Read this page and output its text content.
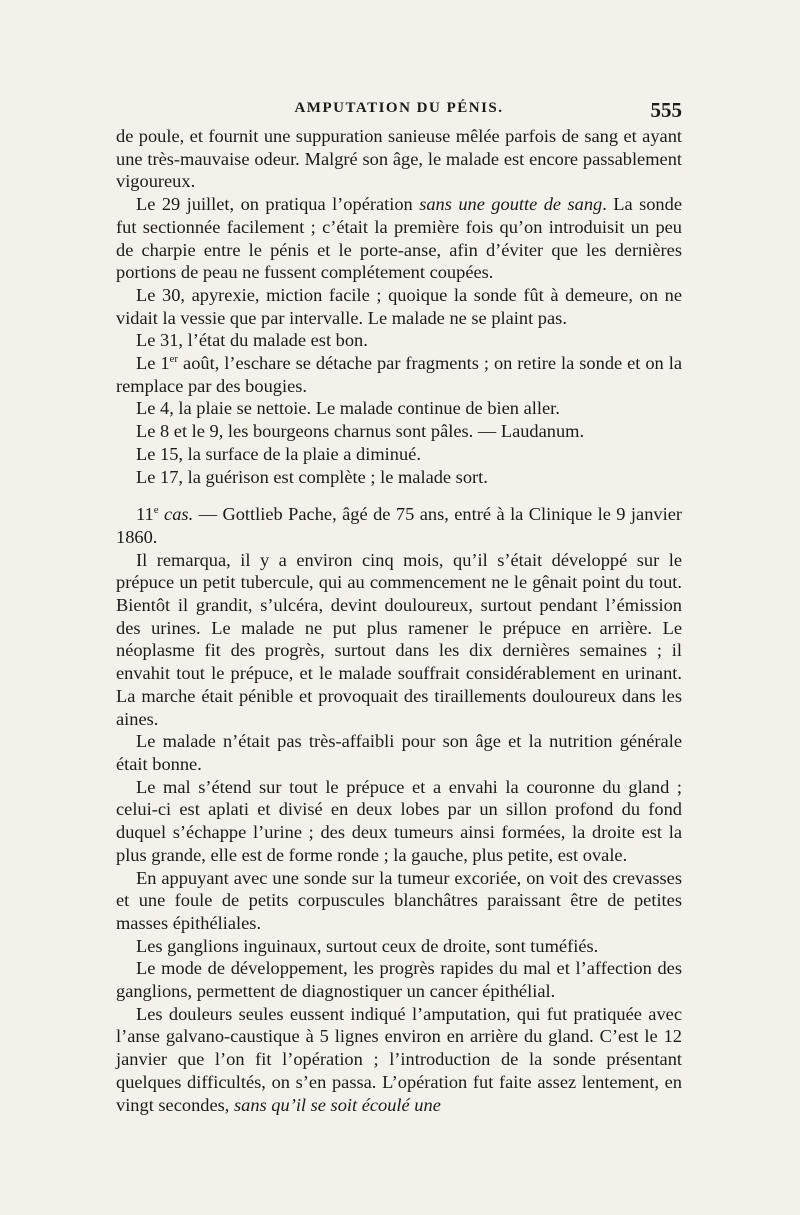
AMPUTATION DU PÉNIS.	555

de poule, et fournit une suppuration sanieuse mêlée parfois de sang et ayant une très-mauvaise odeur. Malgré son âge, le malade est encore passablement vigoureux.

Le 29 juillet, on pratiqua l’opération sans une goutte de sang. La sonde fut sectionnée facilement ; c’était la première fois qu’on introduisit un peu de charpie entre le pénis et le porte-anse, afin d’éviter que les dernières portions de peau ne fussent complétement coupées.

Le 30, apyrexie, miction facile ; quoique la sonde fût à demeure, on ne vidait la vessie que par intervalle. Le malade ne se plaint pas.

Le 31, l’état du malade est bon.

Le 1er août, l’eschare se détache par fragments ; on retire la sonde et on la remplace par des bougies.

Le 4, la plaie se nettoie. Le malade continue de bien aller.

Le 8 et le 9, les bourgeons charnus sont pâles. — Laudanum.

Le 15, la surface de la plaie a diminué.

Le 17, la guérison est complète ; le malade sort.

11e cas. — Gottlieb Pache, âgé de 75 ans, entré à la Clinique le 9 janvier 1860.

Il remarqua, il y a environ cinq mois, qu’il s’était développé sur le prépuce un petit tubercule, qui au commencement ne le gênait point du tout. Bientôt il grandit, s’ulcéra, devint douloureux, surtout pendant l’émission des urines. Le malade ne put plus ramener le prépuce en arrière. Le néoplasme fit des progrès, surtout dans les dix dernières semaines ; il envahit tout le prépuce, et le malade souffrait considérablement en urinant. La marche était pénible et provoquait des tiraillements douloureux dans les aines.

Le malade n’était pas très-affaibli pour son âge et la nutrition générale était bonne.

Le mal s’étend sur tout le prépuce et a envahi la couronne du gland ; celui-ci est aplati et divisé en deux lobes par un sillon profond du fond duquel s’échappe l’urine ; des deux tumeurs ainsi formées, la droite est la plus grande, elle est de forme ronde ; la gauche, plus petite, est ovale.

En appuyant avec une sonde sur la tumeur excoriée, on voit des crevasses et une foule de petits corpuscules blanchâtres paraissant être de petites masses épithéliales.

Les ganglions inguinaux, surtout ceux de droite, sont tuméfiés.

Le mode de développement, les progrès rapides du mal et l’affection des ganglions, permettent de diagnostiquer un cancer épithélial.

Les douleurs seules eussent indiqué l’amputation, qui fut pratiquée avec l’anse galvano-caustique à 5 lignes environ en arrière du gland. C’est le 12 janvier que l’on fit l’opération ; l’introduction de la sonde présentant quelques difficultés, on s’en passa. L’opération fut faite assez lentement, en vingt secondes, sans qu’il se soit écoulé une
